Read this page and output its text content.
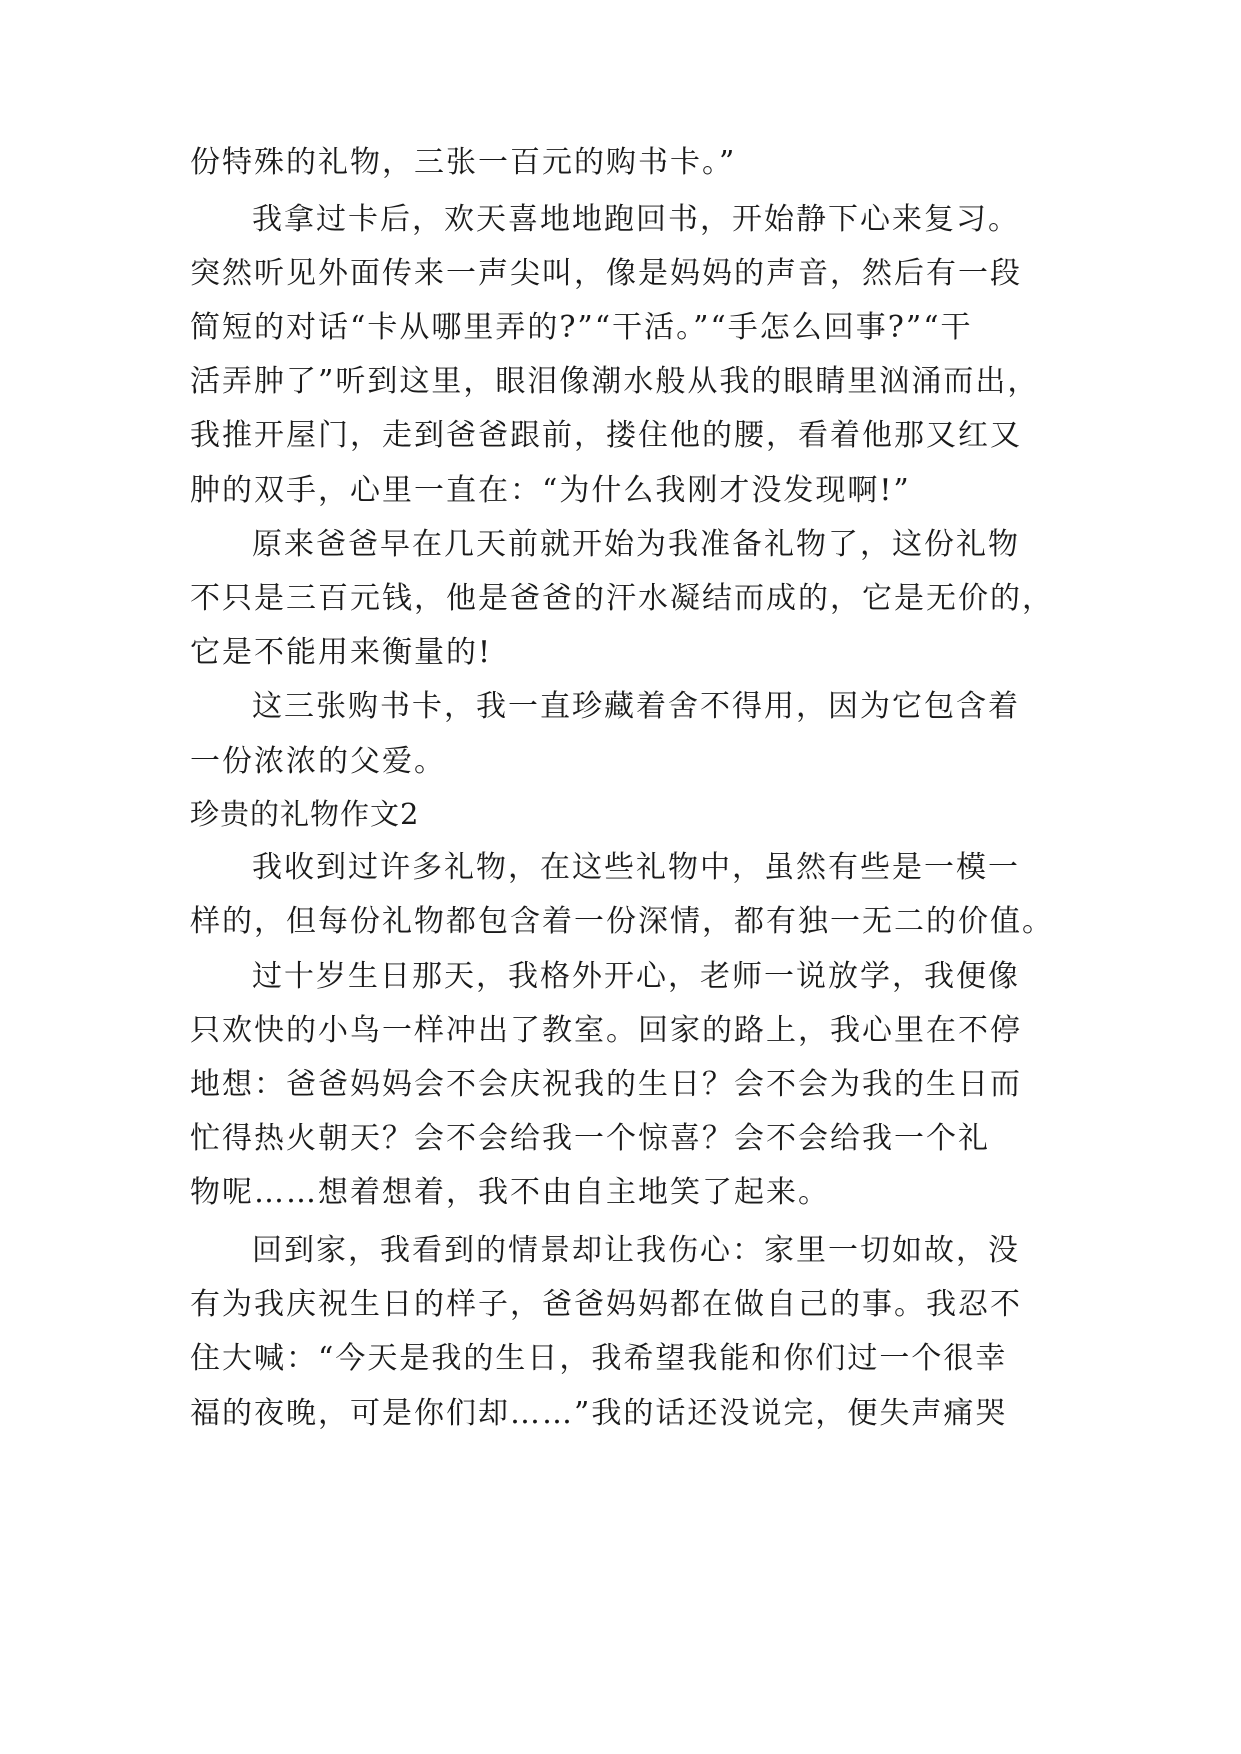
份特殊的礼物，三张一百元的购书卡。”
我拿过卡后，欢天喜地地跑回书，开始静下心来复习。
突然听见外面传来一声尖叫，像是妈妈的声音，然后有一段
简短的对话“卡从哪里弄的?”“干活。”“手怎么回事?”“干
活弄肿了”听到这里，眼泪像潮水般从我的眼睛里汹涌而出，
我推开屋门，走到爸爸跟前，搂住他的腰，看着他那又红又
肿的双手，心里一直在：“为什么我刚才没发现啊!”
原来爸爸早在几天前就开始为我准备礼物了，这份礼物
不只是三百元钱，他是爸爸的汗水凝结而成的，它是无价的，
它是不能用来衡量的!
这三张购书卡，我一直珍藏着舍不得用，因为它包含着
一份浓浓的父爱。
珍贵的礼物作文2
我收到过许多礼物，在这些礼物中，虽然有些是一模一
样的，但每份礼物都包含着一份深情，都有独一无二的价值。
过十岁生日那天，我格外开心，老师一说放学，我便像
只欢快的小鸟一样冲出了教室。回家的路上，我心里在不停
地想：爸爸妈妈会不会庆祝我的生日？会不会为我的生日而
忙得热火朝天？会不会给我一个惊喜？会不会给我一个礼
物呢……想着想着，我不由自主地笑了起来。
回到家，我看到的情景却让我伤心：家里一切如故，没
有为我庆祝生日的样子，爸爸妈妈都在做自己的事。我忍不
住大喊：“今天是我的生日，我希望我能和你们过一个很幸
福的夜晚，可是你们却……”我的话还没说完，便失声痛哭
